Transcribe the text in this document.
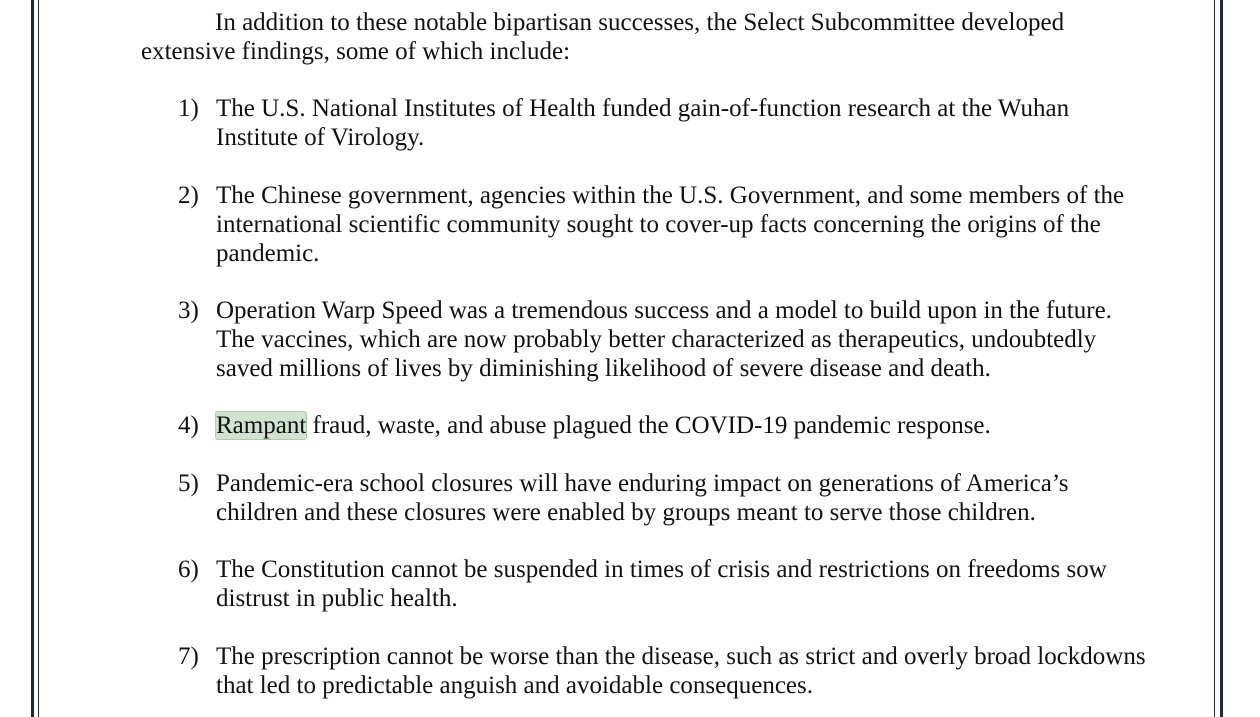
In addition to these notable bipartisan successes, the Select Subcommittee developed extensive findings, some of which include:

1) The U.S. National Institutes of Health funded gain-of-function research at the Wuhan Institute of Virology.
2) The Chinese government, agencies within the U.S. Government, and some members of the international scientific community sought to cover-up facts concerning the origins of the pandemic.
3) Operation Warp Speed was a tremendous success and a model to build upon in the future. The vaccines, which are now probably better characterized as therapeutics, undoubtedly saved millions of lives by diminishing likelihood of severe disease and death.
4) Rampant fraud, waste, and abuse plagued the COVID-19 pandemic response.
5) Pandemic-era school closures will have enduring impact on generations of America’s children and these closures were enabled by groups meant to serve those children.
6) The Constitution cannot be suspended in times of crisis and restrictions on freedoms sow distrust in public health.
7) The prescription cannot be worse than the disease, such as strict and overly broad lockdowns that led to predictable anguish and avoidable consequences.
